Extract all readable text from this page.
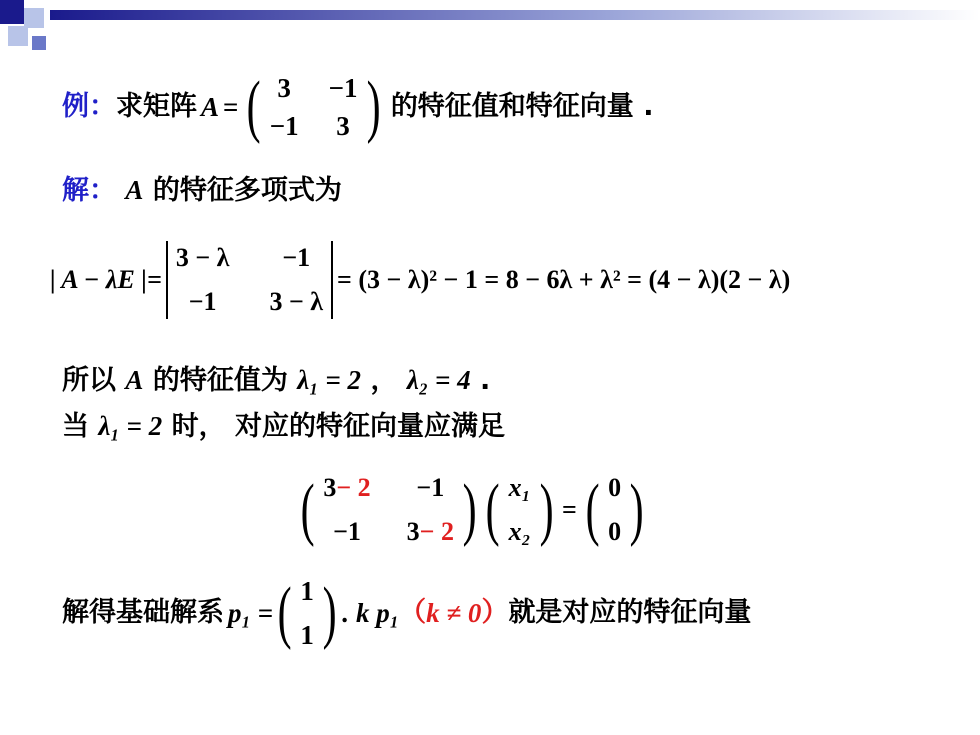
例： 求矩阵 A = ( 3 −1
−1 3 ) 的特征值和特征向量 .
解： A 的特征多项式为
| A − λE |=
3 − λ	−1
−1	3 − λ
= (3 − λ)² − 1 = 8 − 6λ + λ² = (4 − λ)(2 − λ)
所以 A 的特征值为 λ₁ = 2 ， λ₂ = 4 .
当 λ₁ = 2 时， 对应的特征向量应满足
( 3− 2	−1
−1	3− 2 ) ( x₁
x₂ ) = ( 0
0 )
解得基础解系 p₁ = ( 1
1 ) . k p₁ （ k ≠ 0 ） 就是对应的特征向量
